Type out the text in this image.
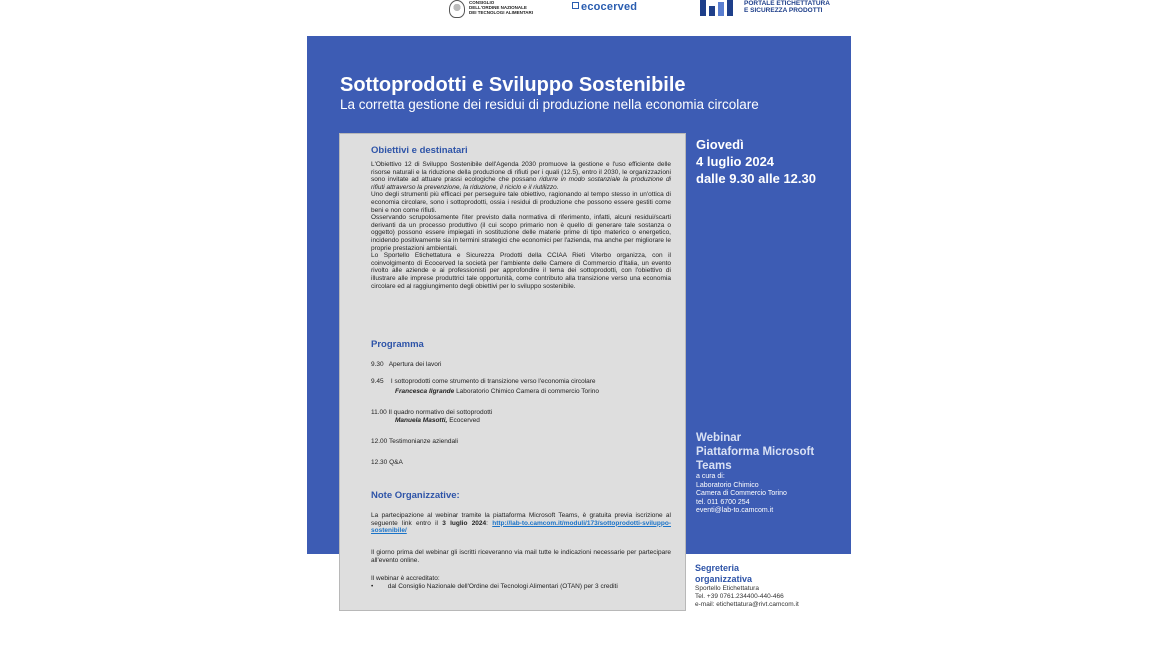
CONSIGLIO
DELL'ORDINE NAZIONALE
DEI TECNOLOGI ALIMENTARI	ecocerved	PORTALE ETICHETTATURA
E SICUREZZA PRODOTTI
Sottoprodotti e Sviluppo Sostenibile
La corretta gestione dei residui di produzione nella economia circolare
Giovedì
4 luglio 2024
dalle 9.30 alle 12.30
Webinar
Piattaforma Microsoft Teams
a cura di:
Laboratorio Chimico
Camera di Commercio Torino
tel. 011 6700 254
eventi@lab-to.camcom.it
Segreteria
organizzativa
Sportello Etichettatura
Tel. +39 0761.234400-440-466
e-mail: etichettatura@rivt.camcom.it
Obiettivi e destinatari
L'Obiettivo 12 di Sviluppo Sostenibile dell'Agenda 2030 promuove la gestione e l'uso efficiente delle risorse naturali e la riduzione della produzione di rifiuti per i quali (12.5), entro il 2030, le organizzazioni sono invitate ad attuare prassi ecologiche che possano ridurre in modo sostanziale la produzione di rifiuti attraverso la prevenzione, la riduzione, il riciclo e il riutilizzo.
Uno degli strumenti più efficaci per perseguire tale obiettivo, ragionando al tempo stesso in un'ottica di economia circolare, sono i sottoprodotti, ossia i residui di produzione che possono essere gestiti come beni e non come rifiuti.
Osservando scrupolosamente l'iter previsto dalla normativa di riferimento, infatti, alcuni residui/scarti derivanti da un processo produttivo (il cui scopo primario non è quello di generare tale sostanza o oggetto) possono essere impiegati in sostituzione delle materie prime di tipo materico o energetico, incidendo positivamente sia in termini strategici che economici per l'azienda, ma anche per migliorare le proprie prestazioni ambientali.
Lo Sportello Etichettatura e Sicurezza Prodotti della CCIAA Rieti Viterbo organizza, con il coinvolgimento di Ecocerved la società per l'ambiente delle Camere di Commercio d'Italia, un evento rivolto alle aziende e ai professionisti per approfondire il tema dei sottoprodotti, con l'obiettivo di illustrare alle imprese produttrici tale opportunità, come contributo alla transizione verso una economia circolare ed al raggiungimento degli obiettivi per lo sviluppo sostenibile.
Programma
9.30 Apertura dei lavori
9.45 I sottoprodotti come strumento di transizione verso l'economia circolare
Francesca Ilgrande Laboratorio Chimico Camera di commercio Torino
11.00 Il quadro normativo dei sottoprodotti
Manuela Masotti, Ecocerved
12.00 Testimonianze aziendali
12.30 Q&A
Note Organizzative:
La partecipazione al webinar tramite la piattaforma Microsoft Teams, è gratuita previa iscrizione al seguente link entro il 3 luglio 2024: http://lab-to.camcom.it/moduli/173/sottoprodotti-sviluppo-sostenibile/
Il giorno prima del webinar gli iscritti riceveranno via mail tutte le indicazioni necessarie per partecipare all'evento online.
Il webinar è accreditato:
• dal Consiglio Nazionale dell'Ordine dei Tecnologi Alimentari (OTAN) per 3 crediti
